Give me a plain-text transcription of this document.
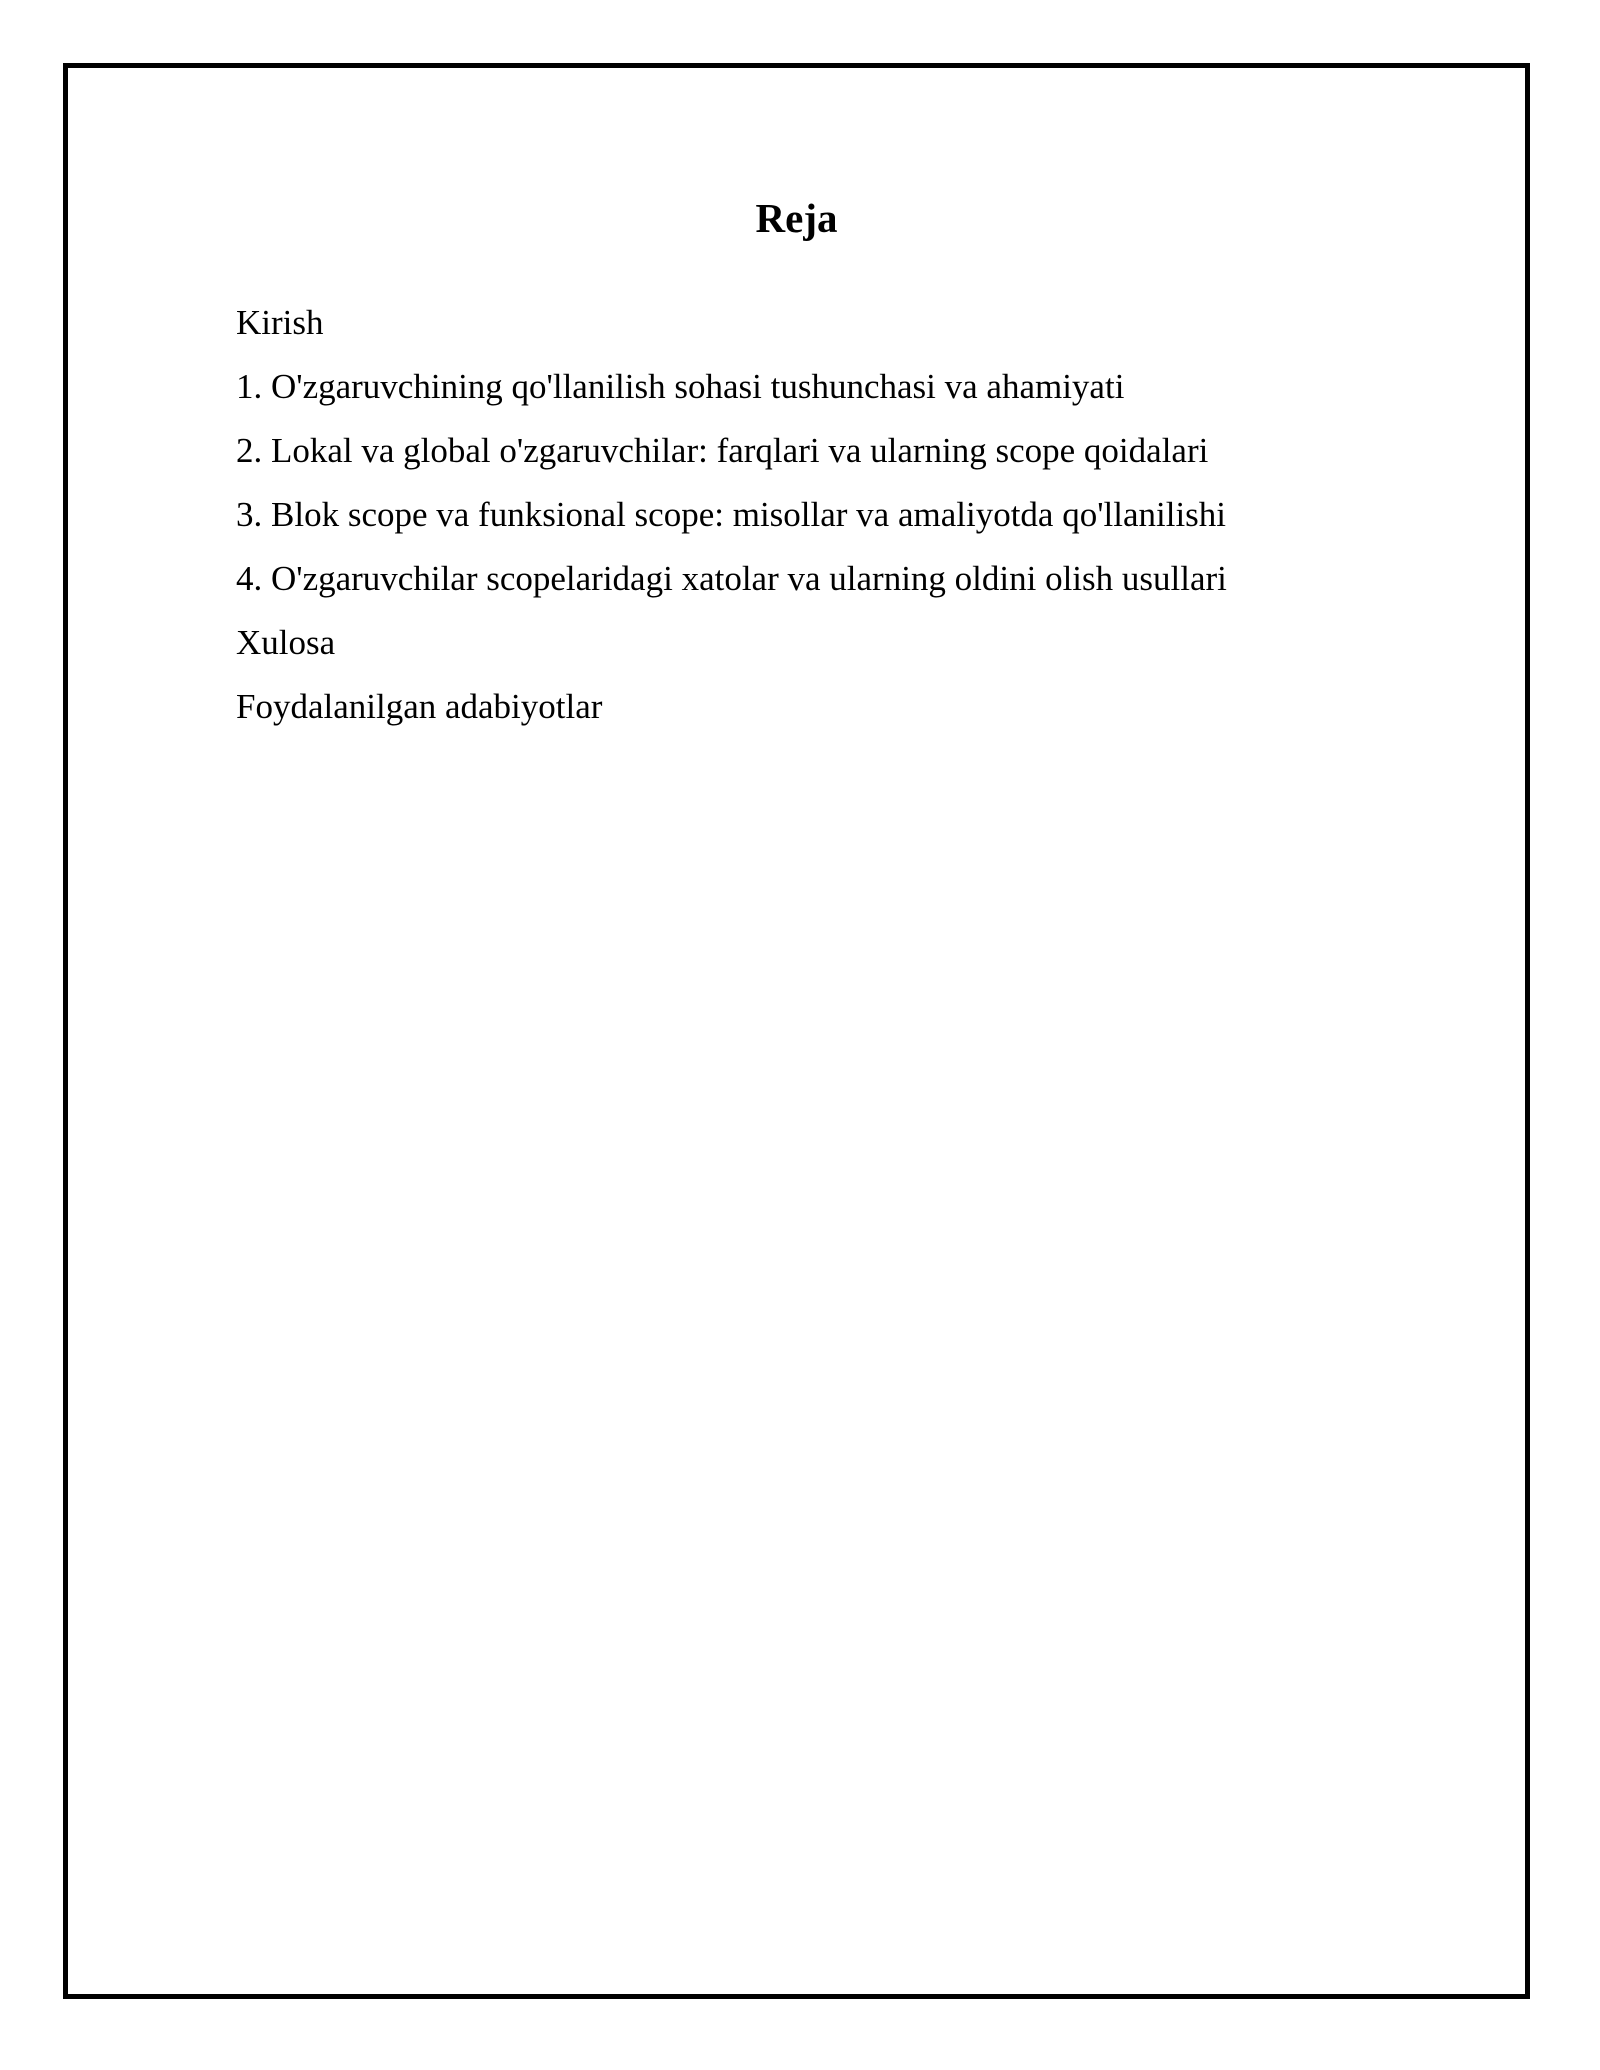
Reja
Kirish
1. O'zgaruvchining qo'llanilish sohasi tushunchasi va ahamiyati
2. Lokal va global o'zgaruvchilar: farqlari va ularning scope qoidalari
3. Blok scope va funksional scope: misollar va amaliyotda qo'llanilishi
4. O'zgaruvchilar scopelaridagi xatolar va ularning oldini olish usullari
Xulosa
Foydalanilgan adabiyotlar
